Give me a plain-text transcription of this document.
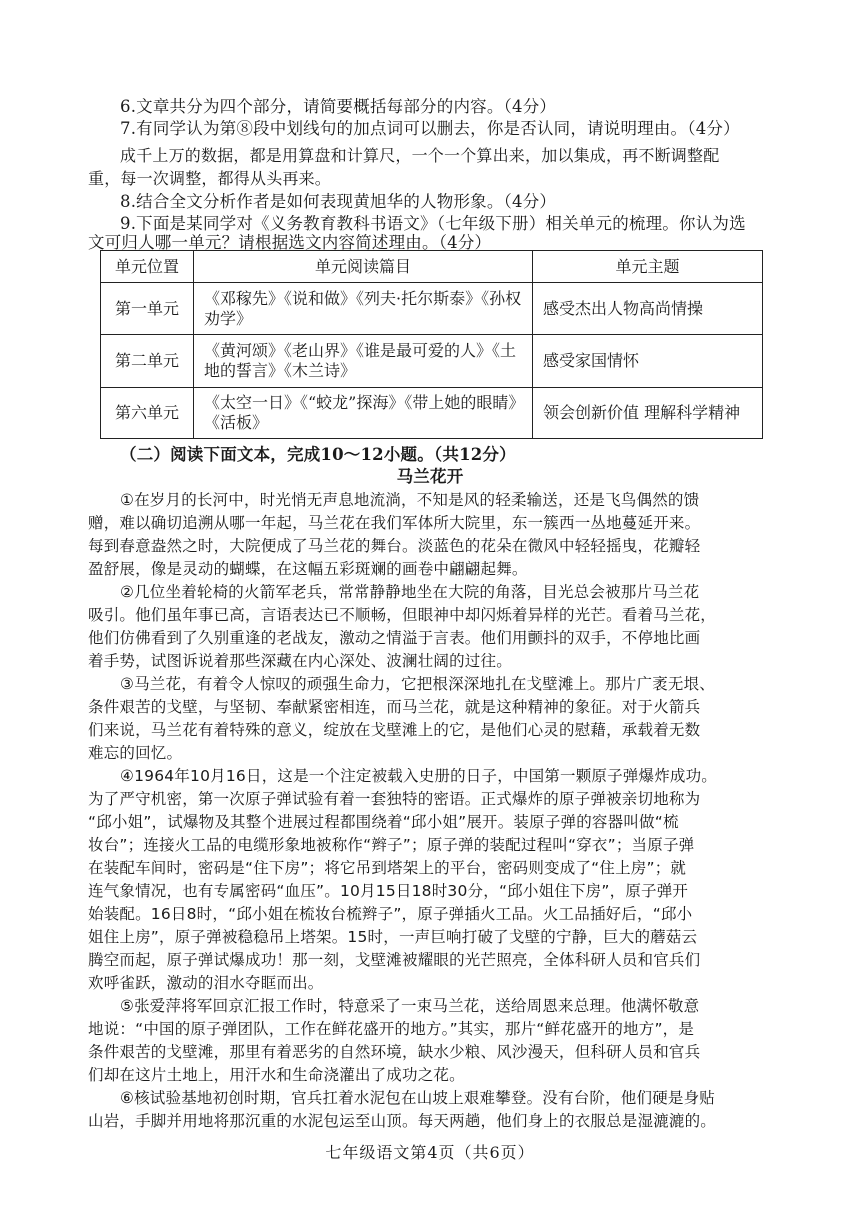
6.文章共分为四个部分，请简要概括每部分的内容。（4分）
7.有同学认为第⑧段中划线句的加点词可以删去，你是否认同，请说明理由。（4分）
成千上万的数据，都是用算盘和计算尺，一个一个算出来，加以集成，再不断调整配
重，每一次调整，都得从头再来。
8.结合全文分析作者是如何表现黄旭华的人物形象。（4分）
9.下面是某同学对《义务教育教科书语文》（七年级下册）相关单元的梳理。你认为选
文可归人哪一单元？请根据选文内容简述理由。（4分）
单元位置	单元阅读篇目	单元主题
第一单元	《邓稼先》《说和做》《列夫·托尔斯泰》《孙权劝学》	感受杰出人物高尚情操
第二单元	《黄河颂》《老山界》《谁是最可爱的人》《土地的誓言》《木兰诗》	感受家国情怀
第六单元	《太空一日》《“蛟龙”探海》《带上她的眼睛》《活板》	领会创新价值 理解科学精神
（二）阅读下面文本，完成10～12小题。（共12分）
马兰花开
①在岁月的长河中，时光悄无声息地流淌，不知是风的轻柔输送，还是飞鸟偶然的馈
赠，难以确切追溯从哪一年起，马兰花在我们军体所大院里，东一簇西一丛地蔓延开来。
每到春意盎然之时，大院便成了马兰花的舞台。淡蓝色的花朵在微风中轻轻摇曳，花瓣轻
盈舒展，像是灵动的蝴蝶，在这幅五彩斑斓的画卷中翩翩起舞。
②几位坐着轮椅的火箭军老兵，常常静静地坐在大院的角落，目光总会被那片马兰花
吸引。他们虽年事已高，言语表达已不顺畅，但眼神中却闪烁着异样的光芒。看着马兰花，
他们仿佛看到了久别重逢的老战友，激动之情溢于言表。他们用颤抖的双手，不停地比画
着手势，试图诉说着那些深藏在内心深处、波澜壮阔的过往。
③马兰花，有着令人惊叹的顽强生命力，它把根深深地扎在戈壁滩上。那片广袤无垠、
条件艰苦的戈壁，与坚韧、奉献紧密相连，而马兰花，就是这种精神的象征。对于火箭兵
们来说，马兰花有着特殊的意义，绽放在戈壁滩上的它，是他们心灵的慰藉，承载着无数
难忘的回忆。
④1964年10月16日，这是一个注定被载入史册的日子，中国第一颗原子弹爆炸成功。
为了严守机密，第一次原子弹试验有着一套独特的密语。正式爆炸的原子弹被亲切地称为
“邱小姐”，试爆物及其整个进展过程都围绕着“邱小姐”展开。装原子弹的容器叫做“梳
妆台”；连接火工品的电缆形象地被称作“辫子”；原子弹的装配过程叫“穿衣”；当原子弹
在装配车间时，密码是“住下房”；将它吊到塔架上的平台，密码则变成了“住上房”；就
连气象情况，也有专属密码“血压”。10月15日18时30分，“邱小姐住下房”，原子弹开
始装配。16日8时，“邱小姐在梳妆台梳辫子”，原子弹插火工品。火工品插好后，“邱小
姐住上房”，原子弹被稳稳吊上塔架。15时，一声巨响打破了戈壁的宁静，巨大的蘑菇云
腾空而起，原子弹试爆成功！那一刻，戈壁滩被耀眼的光芒照亮，全体科研人员和官兵们
欢呼雀跃，激动的泪水夺眶而出。
⑤张爱萍将军回京汇报工作时，特意采了一束马兰花，送给周恩来总理。他满怀敬意
地说：“中国的原子弹团队，工作在鲜花盛开的地方。”其实，那片“鲜花盛开的地方”，是
条件艰苦的戈壁滩，那里有着恶劣的自然环境，缺水少粮、风沙漫天，但科研人员和官兵
们却在这片土地上，用汗水和生命浇灌出了成功之花。
⑥核试验基地初创时期，官兵扛着水泥包在山坡上艰难攀登。没有台阶，他们硬是身贴
山岩，手脚并用地将那沉重的水泥包运至山顶。每天两趟，他们身上的衣服总是湿漉漉的。
七年级语文第4页（共6页）
